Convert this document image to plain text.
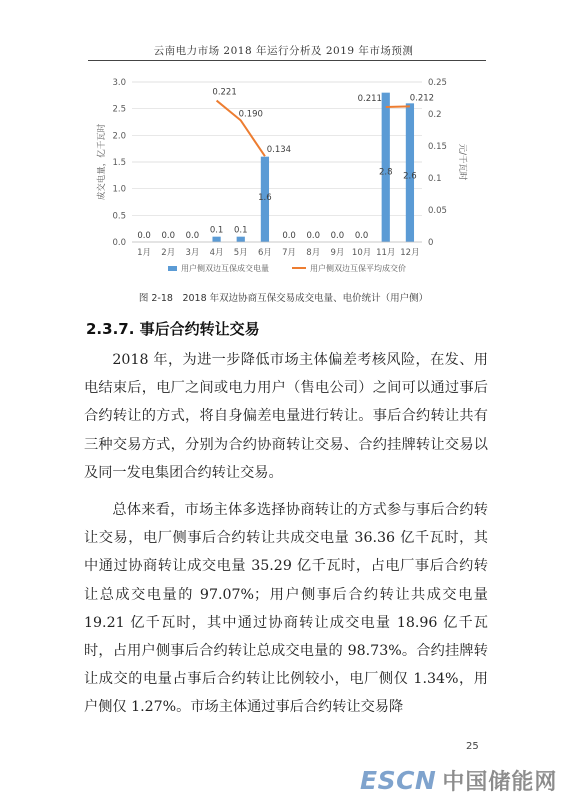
云南电力市场 2018 年运行分析及 2019 年市场预测
0.0
0.5
1.0
1.5
2.0
2.5
3.0
0
0.05
0.1
0.15
0.2
0.25
成交电量，亿千瓦时	元/千瓦时
0.0 0.0 0.0
0.1 0.1
1.6
0.0 0.0 0.0 0.0
2.8 2.6
0.221
0.190
0.134
0.211	0.212
1月 2月 3月 4月 5月 6月 7月 8月 9月 10月 11月 12月
用户侧双边互保成交电量	用户侧双边互保平均成交价
图 2-18　2018 年双边协商互保交易成交电量、电价统计（用户侧）
2.3.7. 事后合约转让交易

2018 年，为进一步降低市场主体偏差考核风险，在发、用电结束后，电厂之间或电力用户（售电公司）之间可以通过事后合约转让的方式，将自身偏差电量进行转让。事后合约转让共有三种交易方式，分别为合约协商转让交易、合约挂牌转让交易以及同一发电集团合约转让交易。

总体来看，市场主体多选择协商转让的方式参与事后合约转让交易，电厂侧事后合约转让共成交电量 36.36 亿千瓦时，其中通过协商转让成交电量 35.29 亿千瓦时，占电厂事后合约转让总成交电量的 97.07%；用户侧事后合约转让共成交电量 19.21 亿千瓦时，其中通过协商转让成交电量 18.96 亿千瓦时，占用户侧事后合约转让总成交电量的 98.73%。合约挂牌转让成交的电量占事后合约转让比例较小，电厂侧仅 1.34%，用户侧仅 1.27%。市场主体通过事后合约转让交易降

25
ESCN 中国储能网
